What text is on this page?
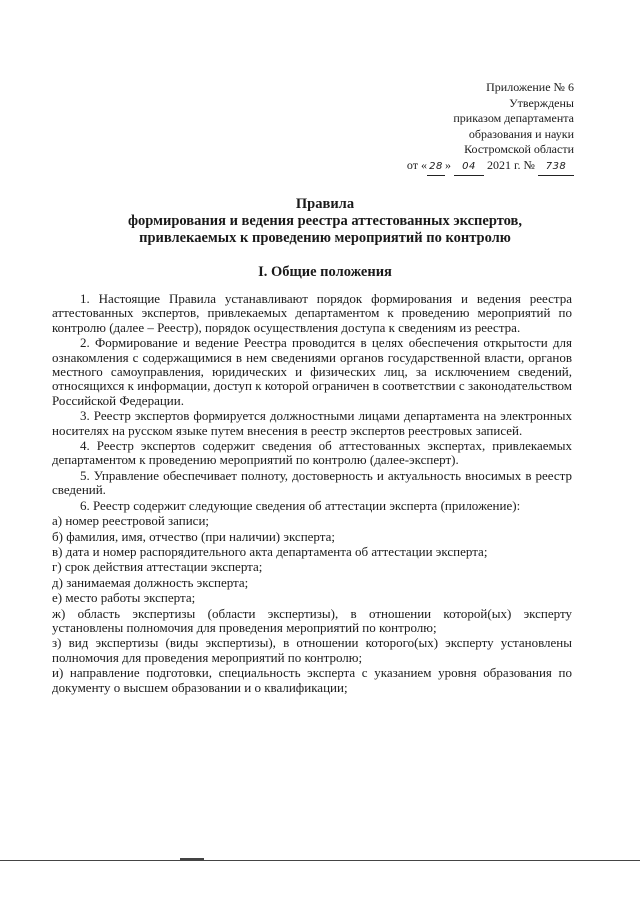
Приложение № 6
Утверждены
приказом департамента
образования и науки
Костромской области
от « 28 » 04 2021 г. № 738
Правила
формирования и ведения реестра аттестованных экспертов,
привлекаемых к проведению мероприятий по контролю
I. Общие положения

1. Настоящие Правила устанавливают порядок формирования и ведения реестра аттестованных экспертов, привлекаемых департаментом к проведению мероприятий по контролю (далее – Реестр), порядок осуществления доступа к сведениям из реестра.

2. Формирование и ведение Реестра проводится в целях обеспечения открытости для ознакомления с содержащимися в нем сведениями органов государственной власти, органов местного самоуправления, юридических и физических лиц, за исключением сведений, относящихся к информации, доступ к которой ограничен в соответствии с законодательством Российской Федерации.

3. Реестр экспертов формируется должностными лицами департамента на электронных носителях на русском языке путем внесения в реестр экспертов реестровых записей.

4. Реестр экспертов содержит сведения об аттестованных экспертах, привлекаемых департаментом к проведению мероприятий по контролю (далее-эксперт).

5. Управление обеспечивает полноту, достоверность и актуальность вносимых в реестр сведений.

6. Реестр содержит следующие сведения об аттестации эксперта (приложение):

а) номер реестровой записи;

б) фамилия, имя, отчество (при наличии) эксперта;

в) дата и номер распорядительного акта департамента об аттестации эксперта;

г) срок действия аттестации эксперта;

д) занимаемая должность эксперта;

е) место работы эксперта;

ж) область экспертизы (области экспертизы), в отношении которой(ых) эксперту установлены полномочия для проведения мероприятий по контролю;

з) вид экспертизы (виды экспертизы), в отношении которого(ых) эксперту установлены полномочия для проведения мероприятий по контролю;

и) направление подготовки, специальность эксперта с указанием уровня образования по документу о высшем образовании и о квалификации;
